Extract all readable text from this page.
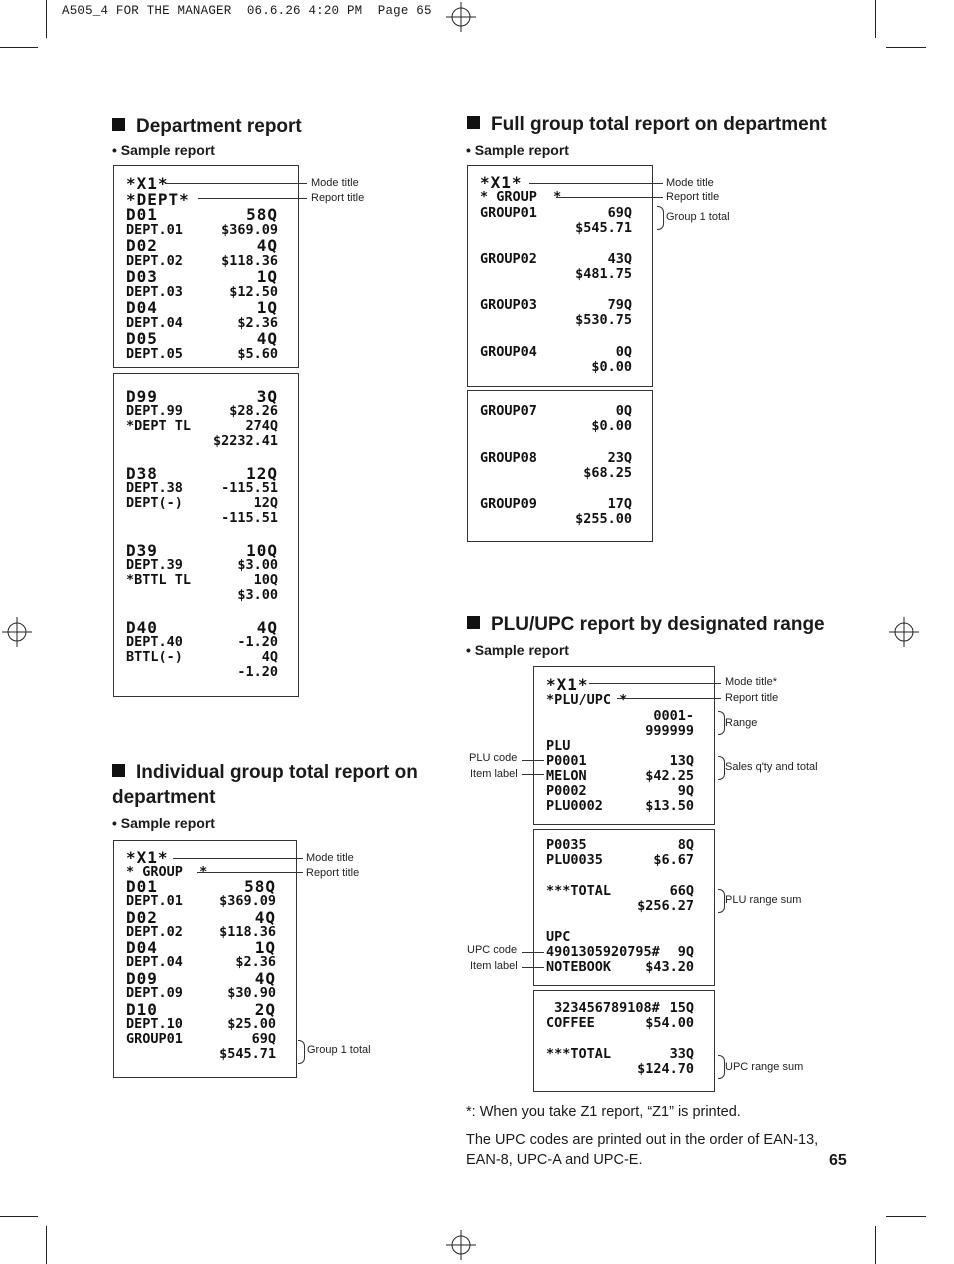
A505_4 FOR THE MANAGER  06.6.26 4:20 PM  Page 65
Department report
• Sample report
*X1*
*DEPT*
D01	58Q
DEPT.01	$369.09
D02	4Q
DEPT.02	$118.36
D03	1Q
DEPT.03	$12.50
D04	1Q
DEPT.04	$2.36
D05	4Q
DEPT.05	$5.60
D99	3Q
DEPT.99	$28.26
*DEPT TL	274Q
$2232.41
D38	12Q
DEPT.38	-115.51
DEPT(-)	12Q
-115.51
D39	10Q
DEPT.39	$3.00
*BTTL TL	10Q
$3.00
D40	4Q
DEPT.40	-1.20
BTTL(-)	4Q
-1.20
Mode title
Report title
Individual group total report on department
• Sample report
*X1*
* GROUP  *
D01	58Q
DEPT.01	$369.09
D02	4Q
DEPT.02	$118.36
D04	1Q
DEPT.04	$2.36
D09	4Q
DEPT.09	$30.90
D10	2Q
DEPT.10	$25.00
GROUP01	69Q
$545.71
Mode title
Report title
Group 1 total
Full group total report on department
• Sample report
*X1*
* GROUP  *
GROUP01	69Q
$545.71
GROUP02	43Q
$481.75
GROUP03	79Q
$530.75
GROUP04	0Q
$0.00
GROUP07	0Q
$0.00
GROUP08	23Q
$68.25
GROUP09	17Q
$255.00
Mode title
Report title
Group 1 total
PLU/UPC report by designated range
• Sample report
*X1*
*PLU/UPC *
0001-
999999
PLU
P0001	13Q
MELON	$42.25
P0002	9Q
PLU0002	$13.50
P0035	8Q
PLU0035	$6.67
***TOTAL	66Q
$256.27
UPC
4901305920795# 9Q
NOTEBOOK	$43.20
323456789108# 15Q
COFFEE	$54.00
***TOTAL	33Q
$124.70
Mode title*
Report title
Range
Sales q'ty and total
PLU code
Item label
PLU range sum
UPC code
Item label
UPC range sum
*: When you take Z1 report, “Z1” is printed.
The UPC codes are printed out in the order of EAN-13, EAN-8, UPC-A and UPC-E.	65
